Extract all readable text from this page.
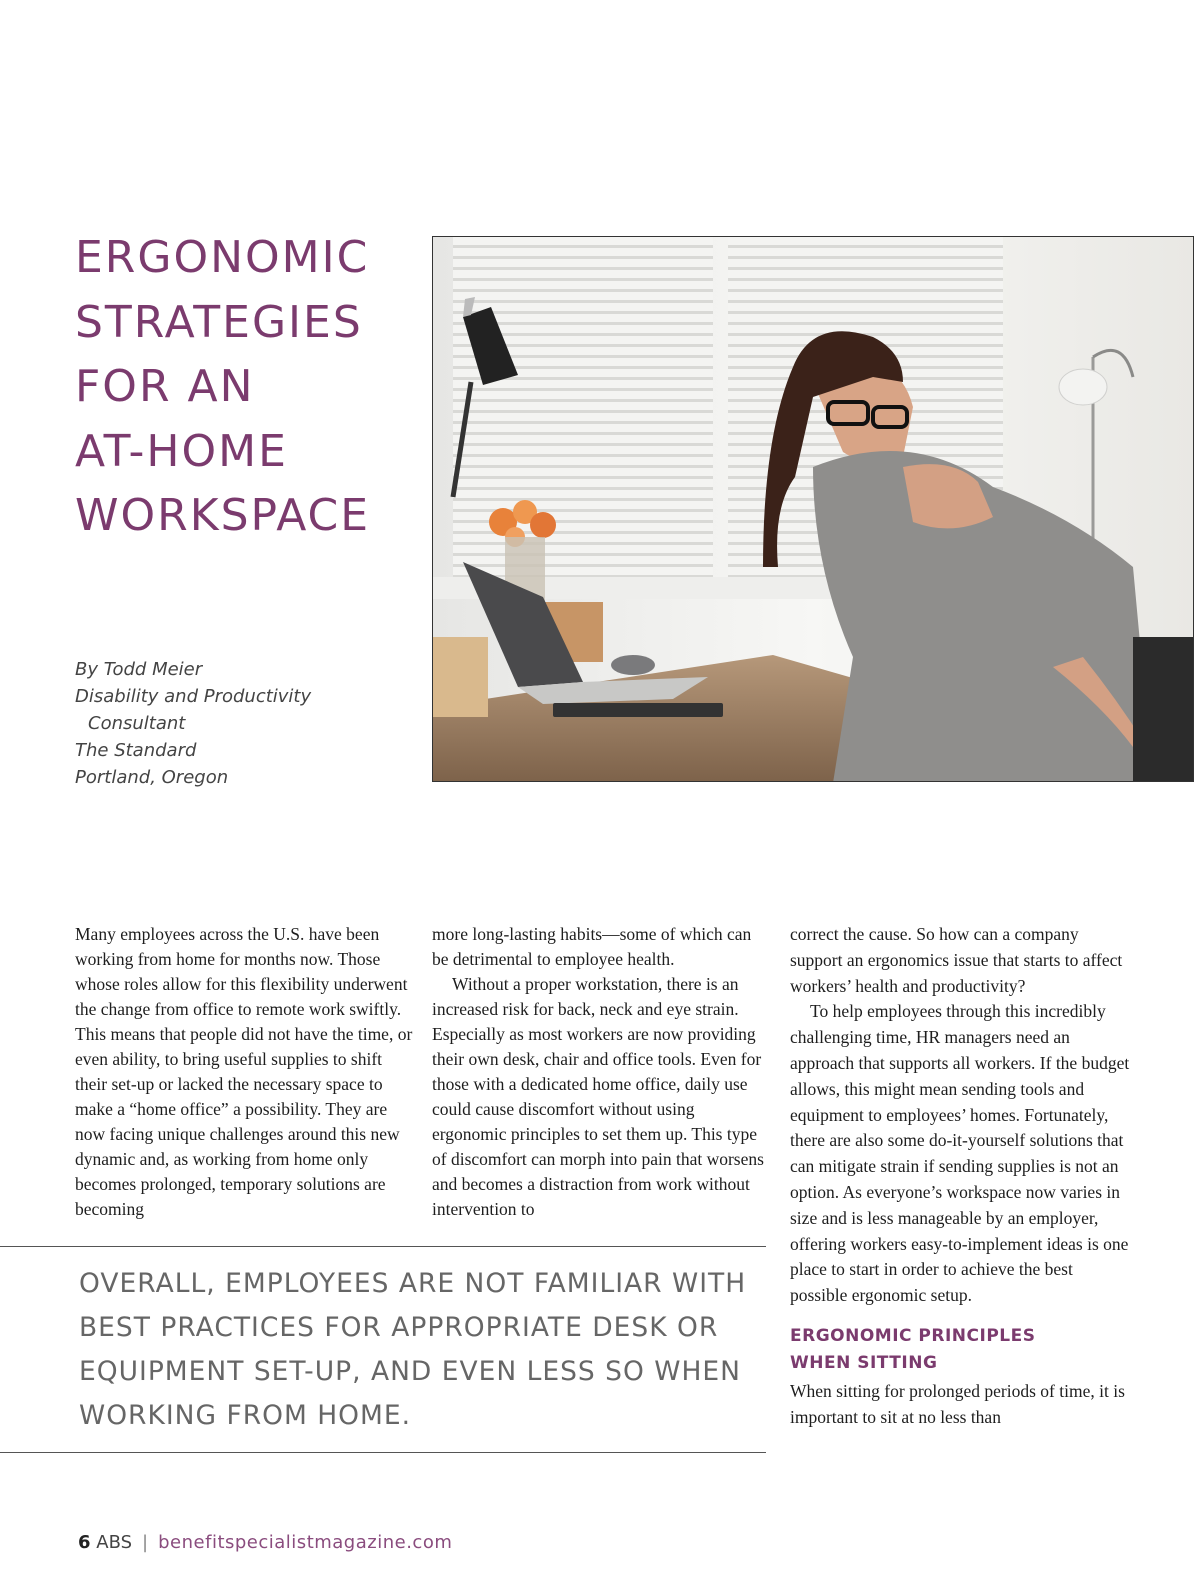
ERGONOMIC
STRATEGIES
FOR AN
AT-HOME
WORKSPACE
By Todd Meier
Disability and Productivity
Consultant
The Standard
Portland, Oregon

Many employees across the U.S. have been working from home for months now. Those whose roles allow for this flexibility underwent the change from office to remote work swiftly. This means that people did not have the time, or even ability, to bring useful supplies to shift their set-up or lacked the necessary space to make a “home office” a possibility. They are now facing unique challenges around this new dynamic and, as working from home only becomes prolonged, temporary solutions are becoming

more long-lasting habits—some of which can be detrimental to employee health.

Without a proper workstation, there is an increased risk for back, neck and eye strain. Especially as most workers are now providing their own desk, chair and office tools. Even for those with a dedicated home office, daily use could cause discomfort without using ergonomic principles to set them up. This type of discomfort can morph into pain that worsens and becomes a distraction from work without intervention to

correct the cause. So how can a company support an ergonomics issue that starts to affect workers’ health and productivity?

To help employees through this incredibly challenging time, HR managers need an approach that supports all workers. If the budget allows, this might mean sending tools and equipment to employees’ homes. Fortunately, there are also some do-it-yourself solutions that can mitigate strain if sending supplies is not an option. As everyone’s workspace now varies in size and is less manageable by an employer, offering workers easy-to-implement ideas is one place to start in order to achieve the best possible ergonomic setup.

ERGONOMIC PRINCIPLES
WHEN SITTING

When sitting for prolonged periods of time, it is important to sit at no less than

OVERALL, EMPLOYEES ARE NOT FAMILIAR WITH
BEST PRACTICES FOR APPROPRIATE DESK OR
EQUIPMENT SET-UP, AND EVEN LESS SO WHEN
WORKING FROM HOME.
6 ABS | benefitspecialistmagazine.com
